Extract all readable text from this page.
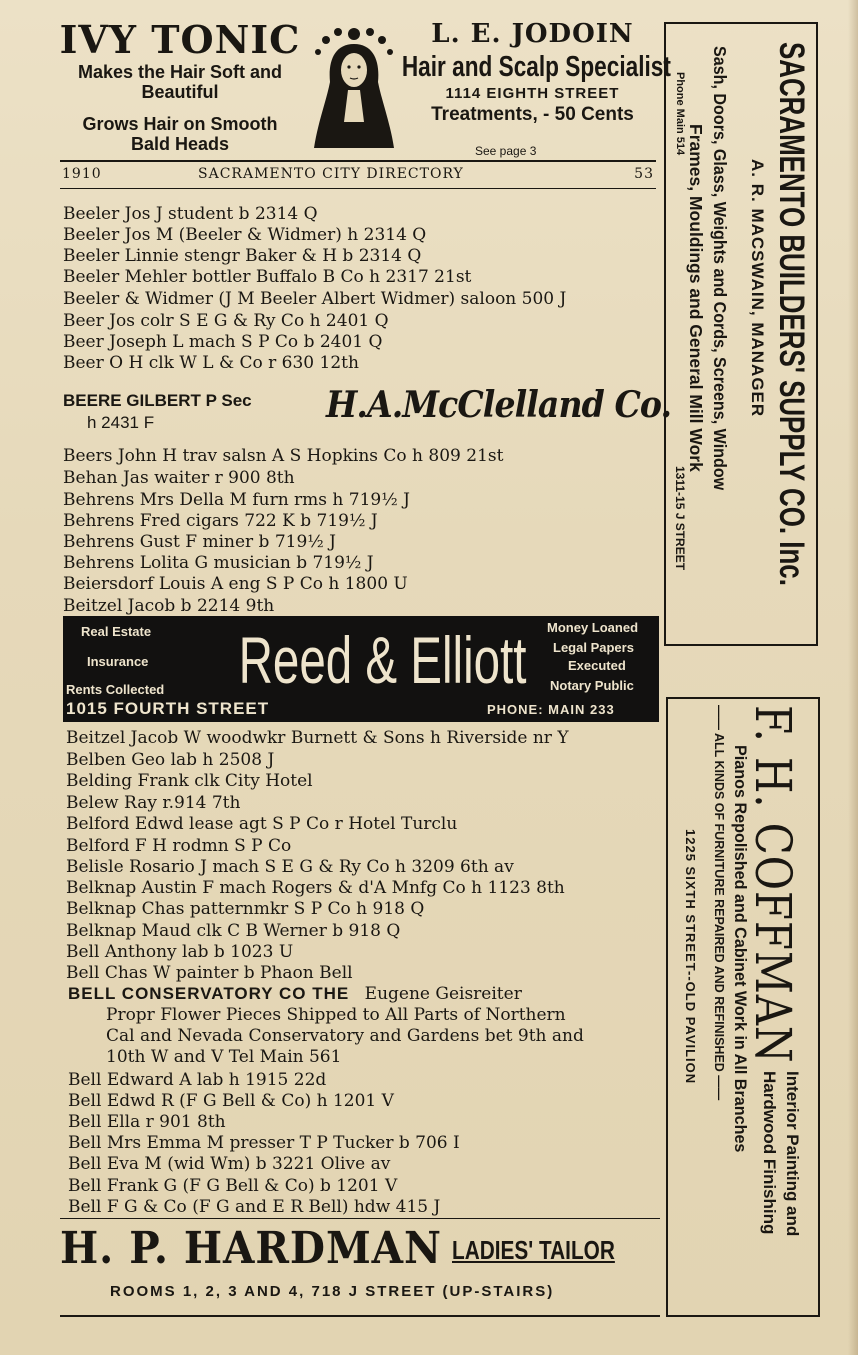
IVY TONIC
Makes the Hair Soft and
Beautiful
Grows Hair on Smooth
Bald Heads
L. E. JODOIN
Hair and Scalp Specialist
1114 EIGHTH STREET
Treatments, - 50 Cents
See page 3
1910	SACRAMENTO CITY DIRECTORY	53
Beeler Jos J student b 2314 Q
Beeler Jos M (Beeler & Widmer) h 2314 Q
Beeler Linnie stengr Baker & H b 2314 Q
Beeler Mehler bottler Buffalo B Co h 2317 21st
Beeler & Widmer (J M Beeler Albert Widmer) saloon 500 J
Beer Jos colr S E G & Ry Co h 2401 Q
Beer Joseph L mach S P Co b 2401 Q
Beer O H clk W L & Co r 630 12th
BEERE GILBERT P Sec
h 2431 F	H.A.McClelland Co.
Beers John H trav salsn A S Hopkins Co h 809 21st
Behan Jas waiter r 900 8th
Behrens Mrs Della M furn rms h 719½ J
Behrens Fred cigars 722 K b 719½ J
Behrens Gust F miner b 719½ J
Behrens Lolita G musician b 719½ J
Beiersdorf Louis A eng S P Co h 1800 U
Beitzel Jacob b 2214 9th
Real Estate
Insurance
Rents Collected Reed & Elliott Money Loaned
Legal Papers
Executed
Notary Public
1015 FOURTH STREET	PHONE: MAIN 233
Beitzel Jacob W woodwkr Burnett & Sons h Riverside nr Y
Belben Geo lab h 2508 J
Belding Frank clk City Hotel
Belew Ray r.914 7th
Belford Edwd lease agt S P Co r Hotel Turclu
Belford F H rodmn S P Co
Belisle Rosario J mach S E G & Ry Co h 3209 6th av
Belknap Austin F mach Rogers & d'A Mnfg Co h 1123 8th
Belknap Chas patternmkr S P Co h 918 Q
Belknap Maud clk C B Werner b 918 Q
Bell Anthony lab b 1023 U
Bell Chas W painter b Phaon Bell
BELL CONSERVATORY CO THE Eugene Geisreiter
Propr Flower Pieces Shipped to All Parts of Northern
Cal and Nevada Conservatory and Gardens bet 9th and
10th W and V Tel Main 561
Bell Edward A lab h 1915 22d
Bell Edwd R (F G Bell & Co) h 1201 V
Bell Ella r 901 8th
Bell Mrs Emma M presser T P Tucker b 706 I
Bell Eva M (wid Wm) b 3221 Olive av
Bell Frank G (F G Bell & Co) b 1201 V
Bell F G & Co (F G and E R Bell) hdw 415 J
H. P. HARDMAN LADIES' TAILOR
ROOMS 1, 2, 3 AND 4, 718 J STREET (UP-STAIRS)
SACRAMENTO BUILDERS' SUPPLY CO. Inc.
A. R. MACSWAIN, MANAGER
Sash, Doors, Glass, Weights and Cords, Screens, Window
Frames, Mouldings and General Mill Work
Phone Main 514
1311-15 J STREET
F. H. COFFMAN
Interior Painting and
Hardwood Finishing
Pianos Repolished and Cabinet Work in All Branches
—— ALL KINDS OF FURNITURE REPAIRED AND REFINISHED ——
1225 SIXTH STREET--OLD PAVILION
